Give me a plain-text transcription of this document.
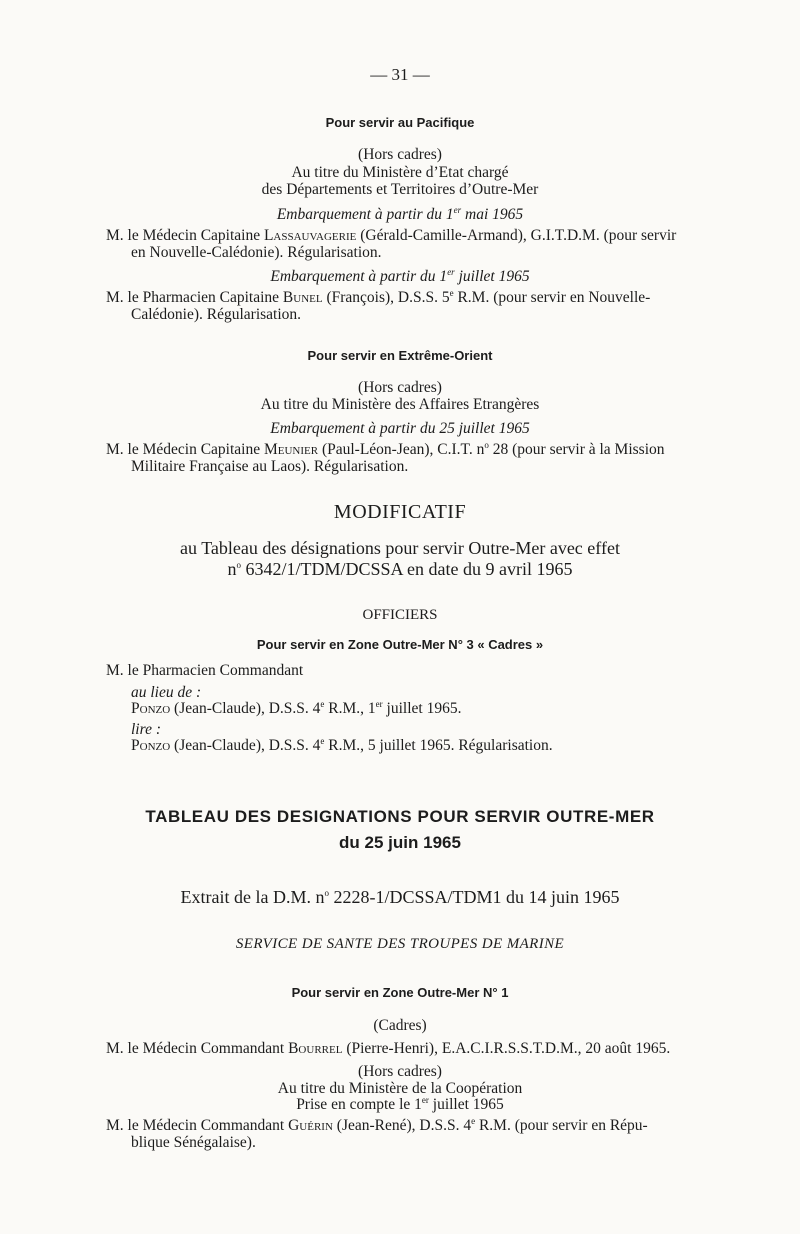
— 31 —
Pour servir au Pacifique
(Hors cadres)
Au titre du Ministère d’Etat chargé
des Départements et Territoires d’Outre-Mer
Embarquement à partir du 1er mai 1965
M. le Médecin Capitaine Lassauvagerie (Gérald-Camille-Armand), G.I.T.D.M. (pour servir
en Nouvelle-Calédonie). Régularisation.
Embarquement à partir du 1er juillet 1965
M. le Pharmacien Capitaine Bunel (François), D.S.S. 5e R.M. (pour servir en Nouvelle-
Calédonie). Régularisation.
Pour servir en Extrême-Orient
(Hors cadres)
Au titre du Ministère des Affaires Etrangères
Embarquement à partir du 25 juillet 1965
M. le Médecin Capitaine Meunier (Paul-Léon-Jean), C.I.T. $n^o$ 28 (pour servir à la Mission
Militaire Française au Laos). Régularisation.
MODIFICATIF
au Tableau des désignations pour servir Outre-Mer avec effet
$n^o$ 6342/1/TDM/DCSSA en date du 9 avril 1965
OFFICIERS
Pour servir en Zone Outre-Mer N° 3 « Cadres »
M. le Pharmacien Commandant
au lieu de :
Ponzo (Jean-Claude), D.S.S. 4e R.M., 1er juillet 1965.
lire :
Ponzo (Jean-Claude), D.S.S. 4e R.M., 5 juillet 1965. Régularisation.
TABLEAU DES DESIGNATIONS POUR SERVIR OUTRE-MER
du 25 juin 1965
Extrait de la D.M. $n^o$ 2228-1/DCSSA/TDM1 du 14 juin 1965
SERVICE DE SANTE DES TROUPES DE MARINE
Pour servir en Zone Outre-Mer N° 1
(Cadres)
M. le Médecin Commandant Bourrel (Pierre-Henri), E.A.C.I.R.S.S.T.D.M., 20 août 1965.
(Hors cadres)
Au titre du Ministère de la Coopération
Prise en compte le 1er juillet 1965
M. le Médecin Commandant Guérin (Jean-René), D.S.S. 4e R.M. (pour servir en Répu-
blique Sénégalaise).
